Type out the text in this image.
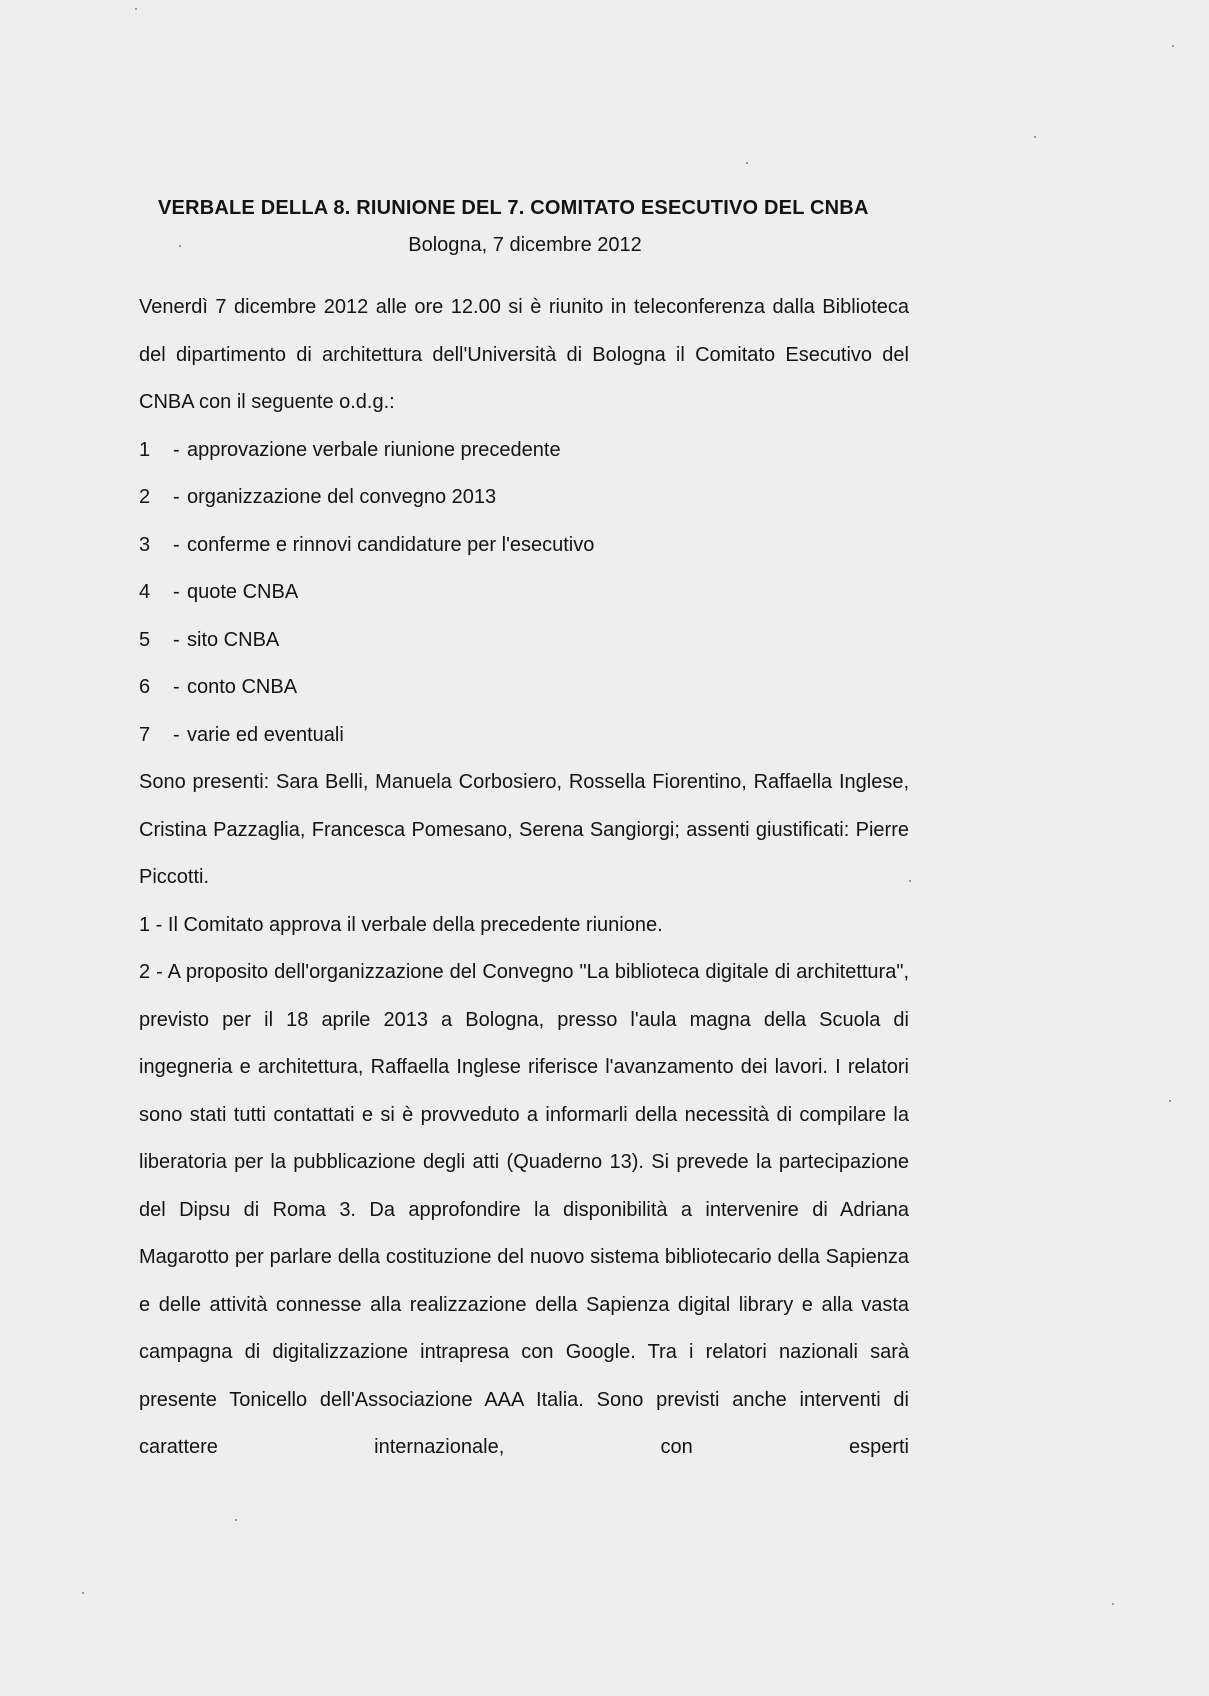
VERBALE DELLA 8. RIUNIONE DEL 7. COMITATO ESECUTIVO DEL CNBA
Bologna, 7 dicembre 2012

Venerdì 7 dicembre 2012 alle ore 12.00 si è riunito in teleconferenza dalla Biblioteca del dipartimento di architettura dell'Università di Bologna il Comitato Esecutivo del CNBA con il seguente o.d.g.:

1	- approvazione verbale riunione precedente
2	- organizzazione del convegno 2013
3	- conferme e rinnovi candidature per l'esecutivo
4	- quote CNBA
5	- sito CNBA
6	- conto CNBA
7	- varie ed eventuali

Sono presenti: Sara Belli, Manuela Corbosiero, Rossella Fiorentino, Raffaella Inglese, Cristina Pazzaglia, Francesca Pomesano, Serena Sangiorgi; assenti giustificati: Pierre Piccotti.

1 - Il Comitato approva il verbale della precedente riunione.

2 - A proposito dell'organizzazione del Convegno "La biblioteca digitale di architettura", previsto per il 18 aprile 2013 a Bologna, presso l'aula magna della Scuola di ingegneria e architettura, Raffaella Inglese riferisce l'avanzamento dei lavori. I relatori sono stati tutti contattati e si è provveduto a informarli della necessità di compilare la liberatoria per la pubblicazione degli atti (Quaderno 13). Si prevede la partecipazione del Dipsu di Roma 3. Da approfondire la disponibilità a intervenire di Adriana Magarotto per parlare della costituzione del nuovo sistema bibliotecario della Sapienza e delle attività connesse alla realizzazione della Sapienza digital library e alla vasta campagna di digitalizzazione intrapresa con Google. Tra i relatori nazionali sarà presente Tonicello dell'Associazione AAA Italia. Sono previsti anche interventi di carattere internazionale, con esperti
